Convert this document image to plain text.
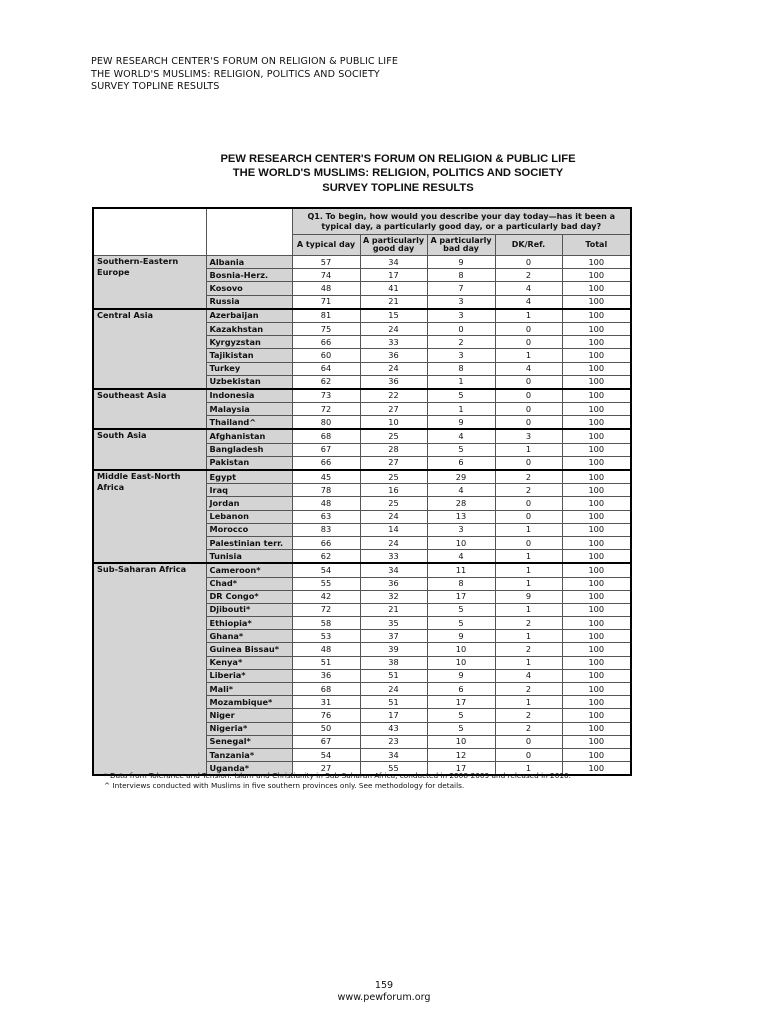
PEW RESEARCH CENTER'S FORUM ON RELIGION & PUBLIC LIFE
THE WORLD'S MUSLIMS: RELIGION, POLITICS AND SOCIETY
SURVEY TOPLINE RESULTS
PEW RESEARCH CENTER'S FORUM ON RELIGION & PUBLIC LIFE
THE WORLD'S MUSLIMS: RELIGION, POLITICS AND SOCIETY
SURVEY TOPLINE RESULTS
		Q1. To begin, how would you describe your day today—has it been a typical day, a particularly good day, or a particularly bad day?				
		A typical day	A particularly good day	A particularly bad day	DK/Ref.	Total
Southern-Eastern Europe	Albania	57	34	9	0	100
	Bosnia-Herz.	74	17	8	2	100
	Kosovo	48	41	7	4	100
	Russia	71	21	3	4	100
Central Asia	Azerbaijan	81	15	3	1	100
	Kazakhstan	75	24	0	0	100
	Kyrgyzstan	66	33	2	0	100
	Tajikistan	60	36	3	1	100
	Turkey	64	24	8	4	100
	Uzbekistan	62	36	1	0	100
Southeast Asia	Indonesia	73	22	5	0	100
	Malaysia	72	27	1	0	100
	Thailand^	80	10	9	0	100
South Asia	Afghanistan	68	25	4	3	100
	Bangladesh	67	28	5	1	100
	Pakistan	66	27	6	0	100
Middle East-North Africa	Egypt	45	25	29	2	100
	Iraq	78	16	4	2	100
	Jordan	48	25	28	0	100
	Lebanon	63	24	13	0	100
	Morocco	83	14	3	1	100
	Palestinian terr.	66	24	10	0	100
	Tunisia	62	33	4	1	100
Sub-Saharan Africa	Cameroon*	54	34	11	1	100
	Chad*	55	36	8	1	100
	DR Congo*	42	32	17	9	100
	Djibouti*	72	21	5	1	100
	Ethiopia*	58	35	5	2	100
	Ghana*	53	37	9	1	100
	Guinea Bissau*	48	39	10	2	100
	Kenya*	51	38	10	1	100
	Liberia*	36	51	9	4	100
	Mali*	68	24	6	2	100
	Mozambique*	31	51	17	1	100
	Niger	76	17	5	2	100
	Nigeria*	50	43	5	2	100
	Senegal*	67	23	10	0	100
	Tanzania*	54	34	12	0	100
	Uganda*	27	55	17	1	100
* Data from Tolerance and Tension: Islam and Christianity in Sub-Saharan Africa, conducted in 2008-2009 and released in 2010.
^ Interviews conducted with Muslims in five southern provinces only. See methodology for details.
159
www.pewforum.org
